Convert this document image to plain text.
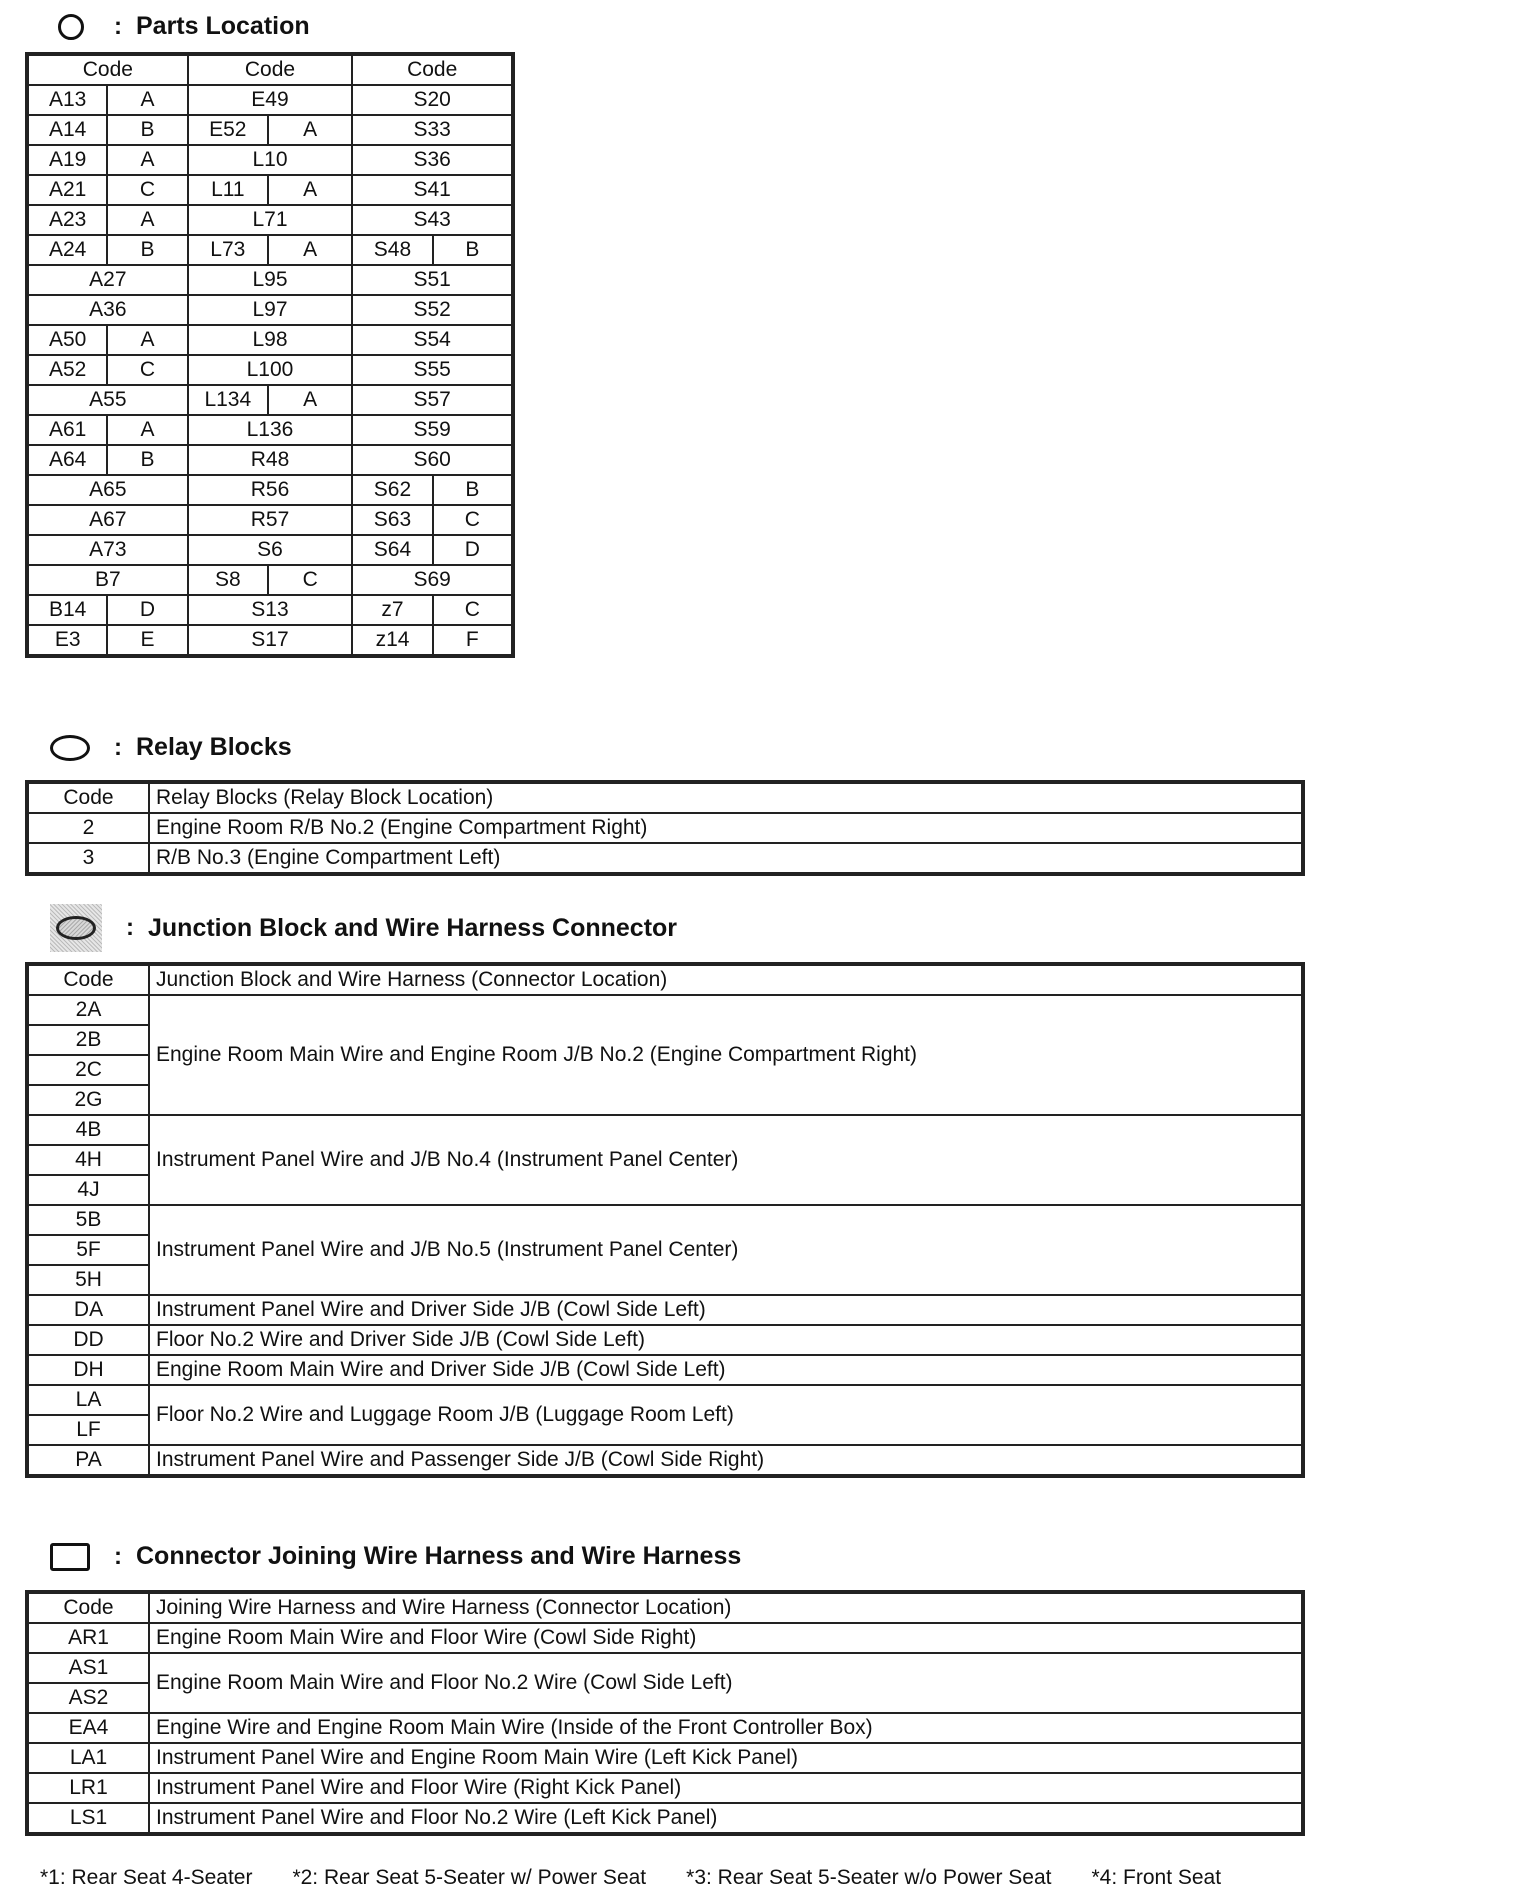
: Parts Location
Code		Code		Code	
A13	A	E49		S20	
A14	B	E52	A	S33	
A19	A	L10		S36	
A21	C	L11	A	S41	
A23	A	L71		S43	
A24	B	L73	A	S48	B
A27		L95		S51	
A36		L97		S52	
A50	A	L98		S54	
A52	C	L100		S55	
A55		L134	A	S57	
A61	A	L136		S59	
A64	B	R48		S60	
A65		R56		S62	B
A67		R57		S63	C
A73		S6		S64	D
B7		S8	C	S69	
B14	D	S13		z7	C
E3	E	S17		z14	F
: Relay Blocks
Code	Relay Blocks (Relay Block Location)
2	Engine Room R/B No.2 (Engine Compartment Right)
3	R/B No.3 (Engine Compartment Left)
: Junction Block and Wire Harness Connector
Code	Junction Block and Wire Harness (Connector Location)
2A	Engine Room Main Wire and Engine Room J/B No.2 (Engine Compartment Right)
2B	
2C	
2G	
4B	Instrument Panel Wire and J/B No.4 (Instrument Panel Center)
4H	
4J	
5B	Instrument Panel Wire and J/B No.5 (Instrument Panel Center)
5F	
5H	
DA	Instrument Panel Wire and Driver Side J/B (Cowl Side Left)
DD	Floor No.2 Wire and Driver Side J/B (Cowl Side Left)
DH	Engine Room Main Wire and Driver Side J/B (Cowl Side Left)
LA	Floor No.2 Wire and Luggage Room J/B (Luggage Room Left)
LF	
PA	Instrument Panel Wire and Passenger Side J/B (Cowl Side Right)
: Connector Joining Wire Harness and Wire Harness
Code	Joining Wire Harness and Wire Harness (Connector Location)
AR1	Engine Room Main Wire and Floor Wire (Cowl Side Right)
AS1	Engine Room Main Wire and Floor No.2 Wire (Cowl Side Left)
AS2	
EA4	Engine Wire and Engine Room Main Wire (Inside of the Front Controller Box)
LA1	Instrument Panel Wire and Engine Room Main Wire (Left Kick Panel)
LR1	Instrument Panel Wire and Floor Wire (Right Kick Panel)
LS1	Instrument Panel Wire and Floor No.2 Wire (Left Kick Panel)
*1: Rear Seat 4-Seater *2: Rear Seat 5-Seater w/ Power Seat *3: Rear Seat 5-Seater w/o Power Seat *4: Front Seat
